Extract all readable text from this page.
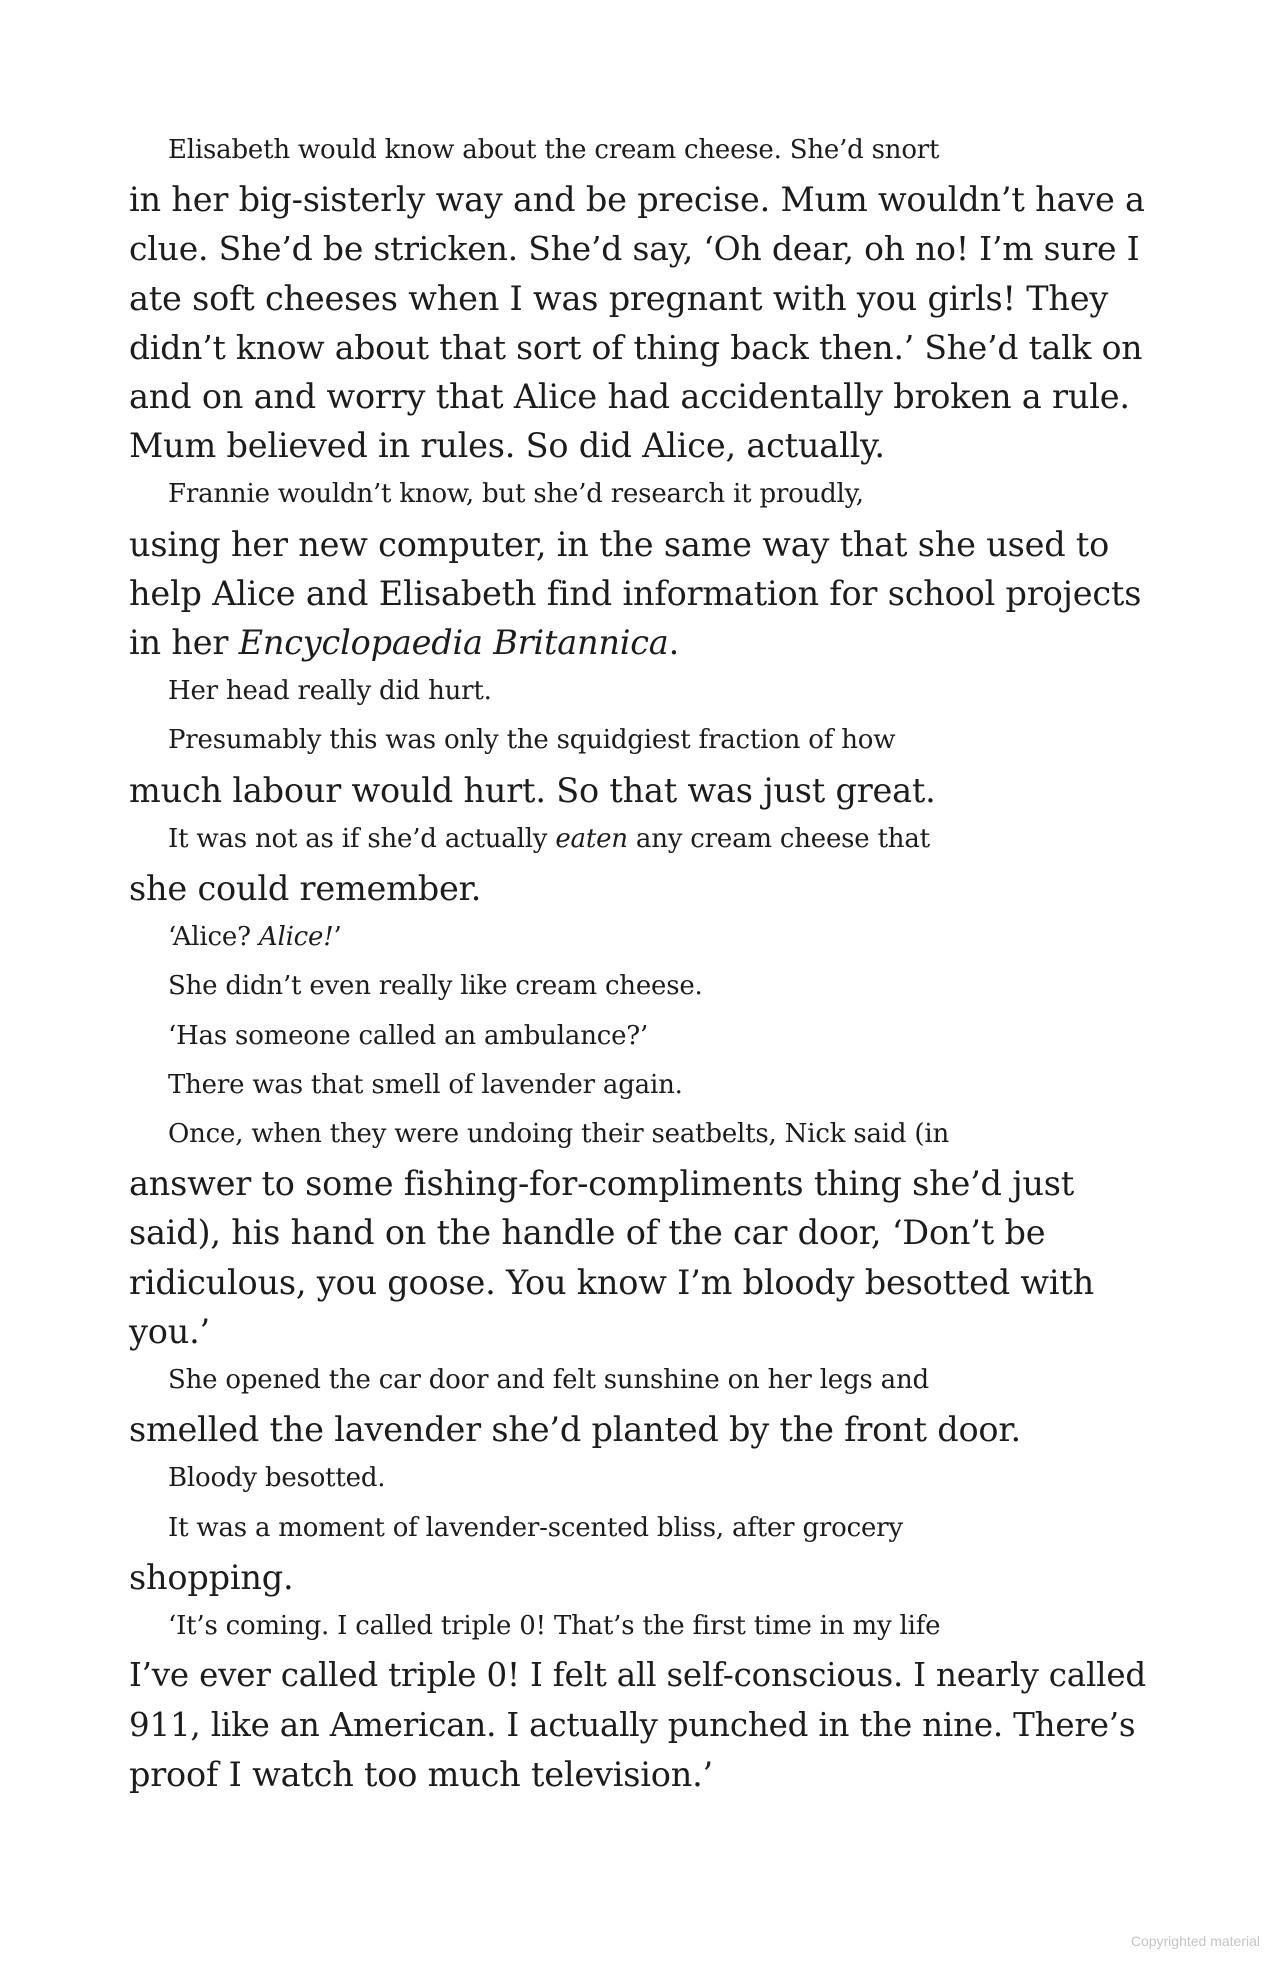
Elisabeth would know about the cream cheese. She’d snort
in her big-sisterly way and be precise. Mum wouldn’t have a
clue. She’d be stricken. She’d say, ‘Oh dear, oh no! I’m sure I
ate soft cheeses when I was pregnant with you girls! They
didn’t know about that sort of thing back then.’ She’d talk on
and on and worry that Alice had accidentally broken a rule.
Mum believed in rules. So did Alice, actually.

Frannie wouldn’t know, but she’d research it proudly,
using her new computer, in the same way that she used to
help Alice and Elisabeth find information for school projects
in her Encyclopaedia Britannica.

Her head really did hurt.

Presumably this was only the squidgiest fraction of how
much labour would hurt. So that was just great.

It was not as if she’d actually eaten any cream cheese that
she could remember.

‘Alice? Alice!’

She didn’t even really like cream cheese.

‘Has someone called an ambulance?’

There was that smell of lavender again.

Once, when they were undoing their seatbelts, Nick said (in
answer to some fishing-for-compliments thing she’d just
said), his hand on the handle of the car door, ‘Don’t be
ridiculous, you goose. You know I’m bloody besotted with
you.’

She opened the car door and felt sunshine on her legs and
smelled the lavender she’d planted by the front door.

Bloody besotted.

It was a moment of lavender-scented bliss, after grocery
shopping.

‘It’s coming. I called triple 0! That’s the first time in my life
I’ve ever called triple 0! I felt all self-conscious. I nearly called
911, like an American. I actually punched in the nine. There’s
proof I watch too much television.’

Copyrighted material
